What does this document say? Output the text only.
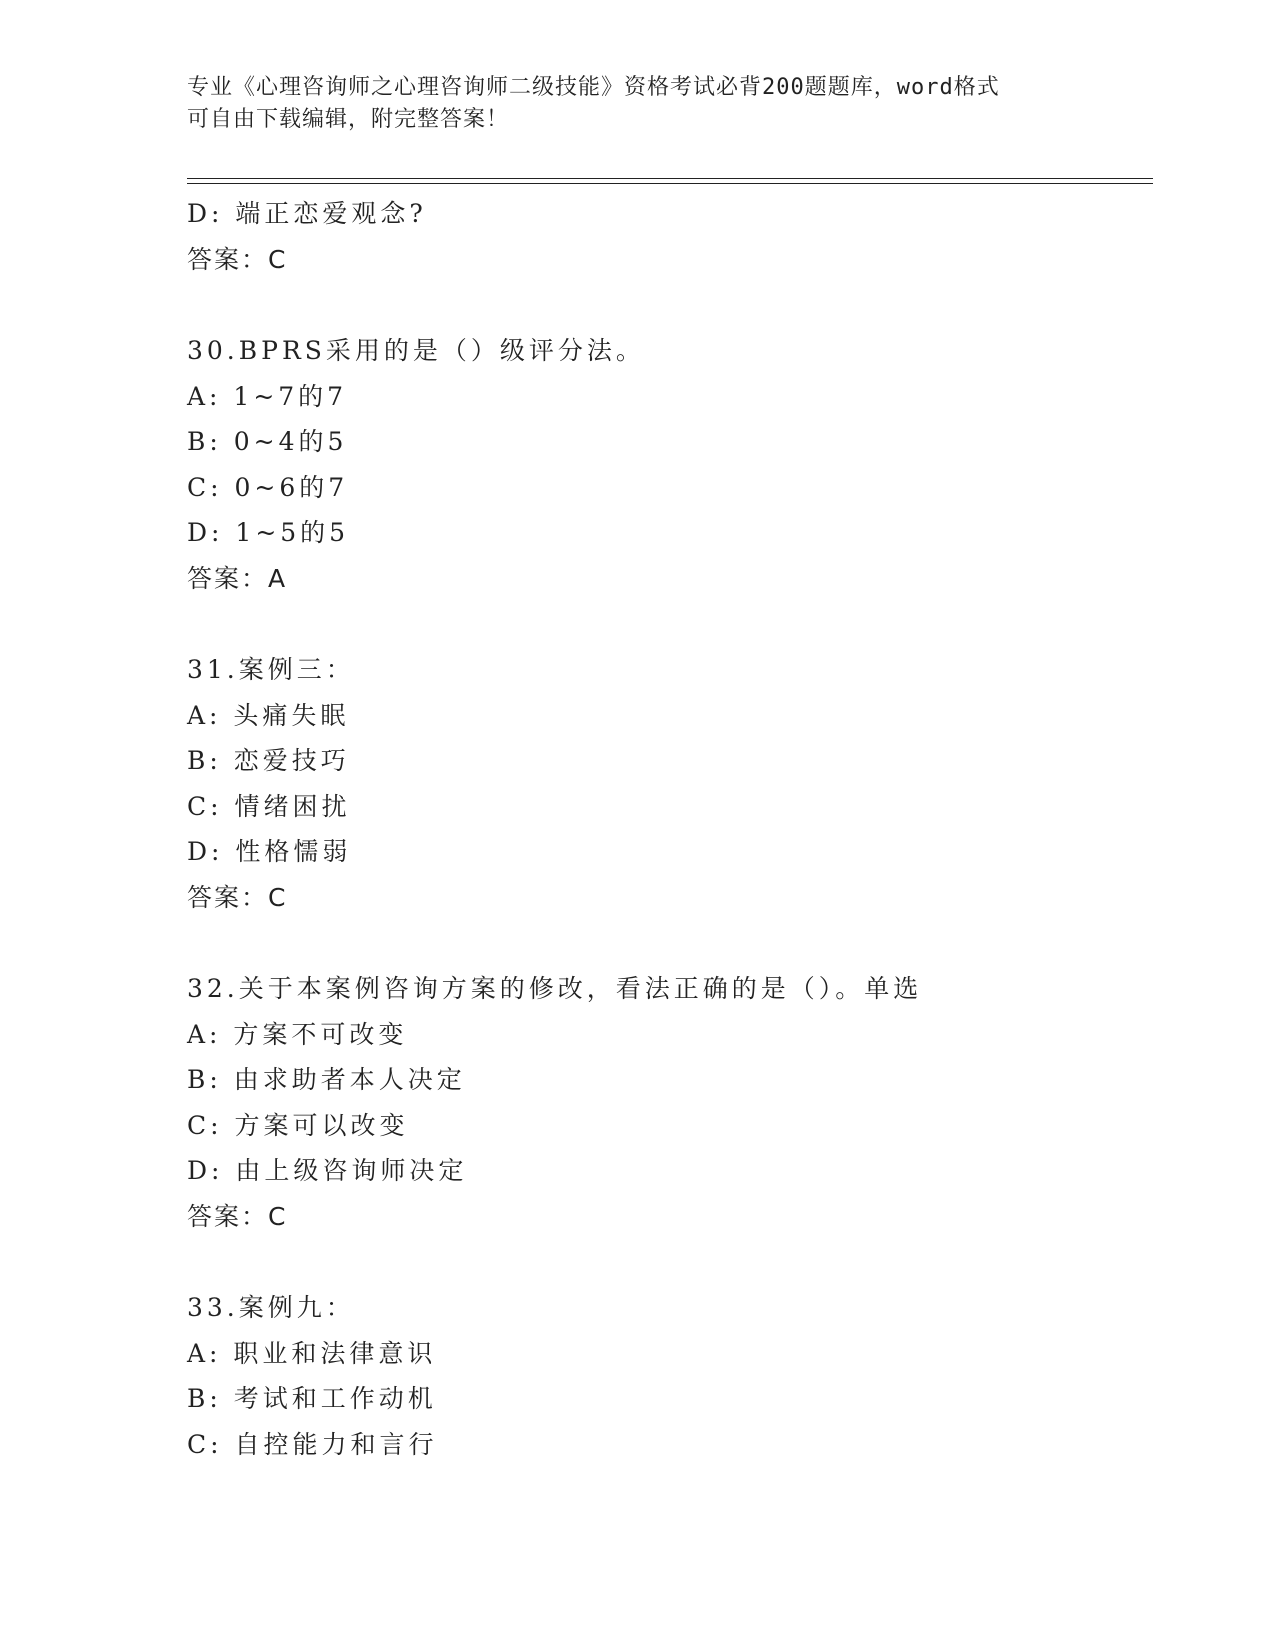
专业《心理咨询师之心理咨询师二级技能》资格考试必背200题题库，word格式
可自由下载编辑，附完整答案！
D: 端正恋爱观念?
答案：C
30.BPRS采用的是（）级评分法。
A: 1~7的7
B: 0~4的5
C: 0~6的7
D: 1~5的5
答案：A
31.案例三：
A: 头痛失眠
B: 恋爱技巧
C: 情绪困扰
D: 性格懦弱
答案：C
32.关于本案例咨询方案的修改，看法正确的是（）。单选
A: 方案不可改变
B: 由求助者本人决定
C: 方案可以改变
D: 由上级咨询师决定
答案：C
33.案例九：
A: 职业和法律意识
B: 考试和工作动机
C: 自控能力和言行
